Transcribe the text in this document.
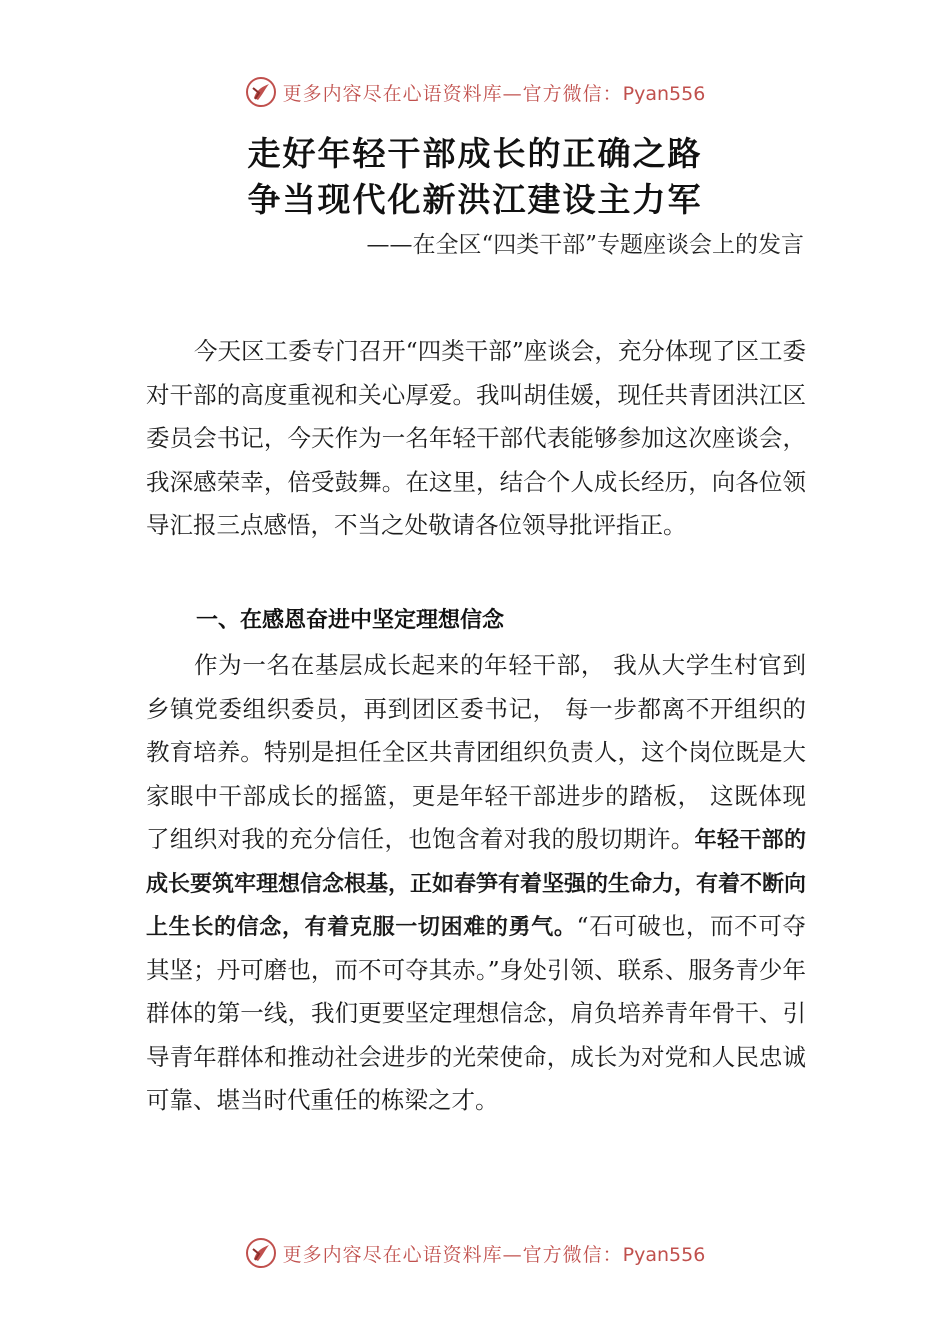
更多内容尽在心语资料库—官方微信：Pyan556
走好年轻干部成长的正确之路
争当现代化新洪江建设主力军
——在全区“四类干部”专题座谈会上的发言
今天区工委专门召开“四类干部”座谈会，充分体现了区工委对干部的高度重视和关心厚爱。我叫胡佳媛，现任共青团洪江区委员会书记，今天作为一名年轻干部代表能够参加这次座谈会，我深感荣幸，倍受鼓舞。在这里，结合个人成长经历，向各位领导汇报三点感悟，不当之处敬请各位领导批评指正。
一、在感恩奋进中坚定理想信念
作为一名在基层成长起来的年轻干部， 我从大学生村官到乡镇党委组织委员，再到团区委书记， 每一步都离不开组织的教育培养。特别是担任全区共青团组织负责人，这个岗位既是大家眼中干部成长的摇篮，更是年轻干部进步的踏板， 这既体现了组织对我的充分信任，也饱含着对我的殷切期许。年轻干部的成长要筑牢理想信念根基，正如春笋有着坚强的生命力，有着不断向上生长的信念，有着克服一切困难的勇气。“石可破也，而不可夺其坚；丹可磨也，而不可夺其赤。”身处引领、联系、服务青少年群体的第一线，我们更要坚定理想信念，肩负培养青年骨干、引导青年群体和推动社会进步的光荣使命，成长为对党和人民忠诚可靠、堪当时代重任的栋梁之才。
更多内容尽在心语资料库—官方微信：Pyan556
